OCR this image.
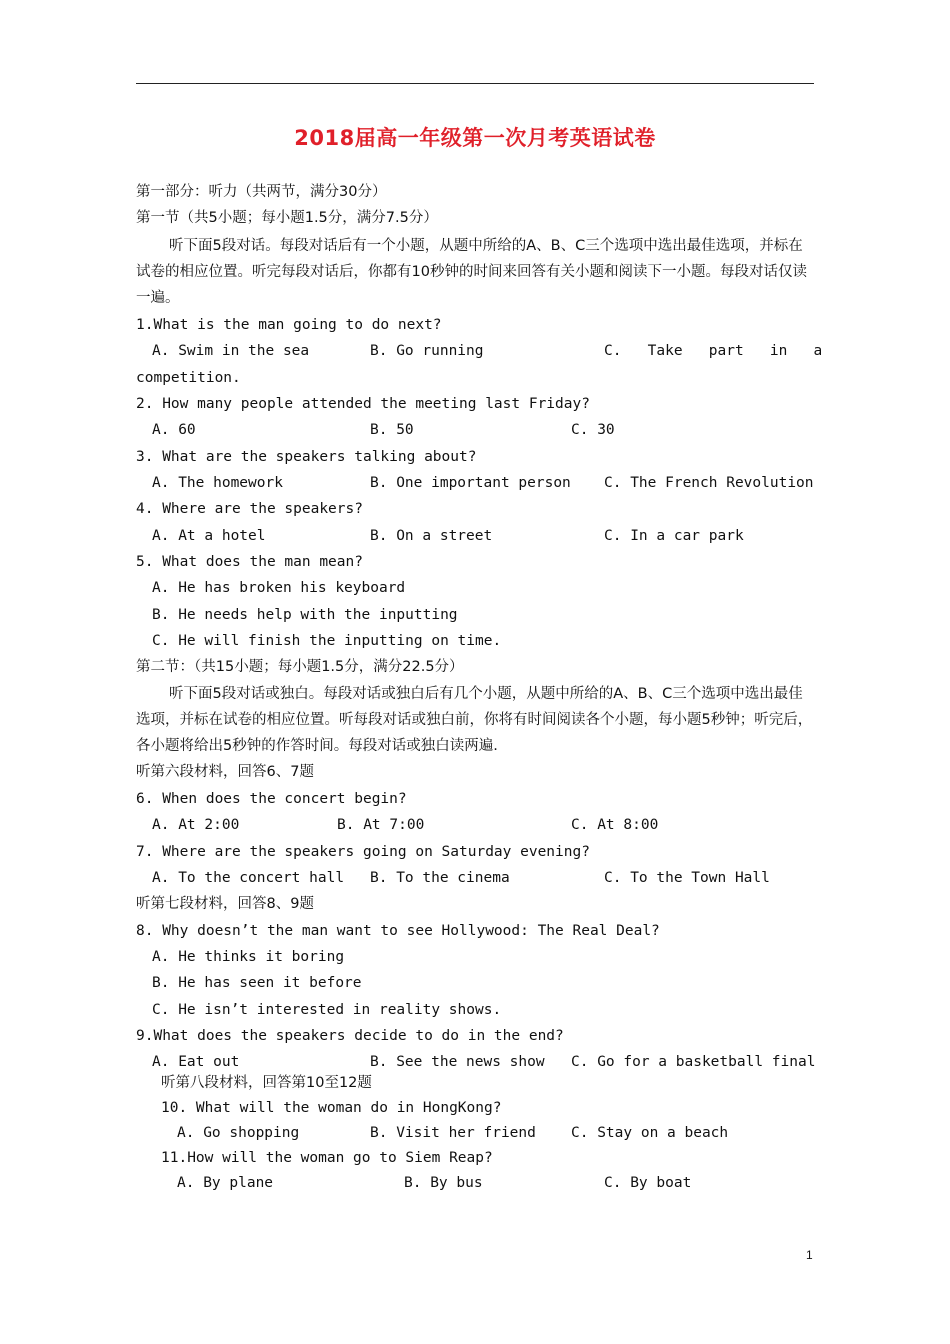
2018届高一年级第一次月考英语试卷
第一部分：听力（共两节，满分30分）
第一节（共5小题；每小题1.5分，满分7.5分）
听下面5段对话。每段对话后有一个小题，从题中所给的A、B、C三个选项中选出最佳选项，并标在试卷的相应位置。听完每段对话后，你都有10秒钟的时间来回答有关小题和阅读下一小题。每段对话仅读一遍。
1.What is the man going to do next?
A. Swim in the sea	B. Go running	C.   Take   part   in   a
competition.
2. How many people attended the meeting last Friday?
A. 60	B. 50	C. 30
3. What are the speakers talking about?
A. The homework	B. One important person C. The French Revolution
4. Where are the speakers?
A. At a hotel	B. On a street	C. In a car park
5. What does the man mean?
A. He has broken his keyboard
B. He needs help with the inputting
C. He will finish the inputting on time.
第二节：（共15小题；每小题1.5分，满分22.5分）
听下面5段对话或独白。每段对话或独白后有几个小题，从题中所给的A、B、C三个选项中选出最佳选项，并标在试卷的相应位置。听每段对话或独白前，你将有时间阅读各个小题，每小题5秒钟；听完后，各小题将给出5秒钟的作答时间。每段对话或独白读两遍.
听第六段材料，回答6、7题
6. When does the concert begin?
A. At 2:00	B. At 7:00	C. At 8:00
7. Where are the speakers going on Saturday evening?
A. To the concert hall B. To the cinema	C. To the Town Hall
听第七段材料，回答8、9题
8. Why doesn’t the man want to see Hollywood: The Real Deal?
A. He thinks it boring
B. He has seen it before
C. He isn’t interested in reality shows.
9.What does the speakers decide to do in the end?
A. Eat out	B. See the news show C. Go for a basketball final
听第八段材料，回答第10至12题
10. What will the woman do in HongKong?
A. Go shopping	B. Visit her friend C. Stay on a beach
11.How will the woman go to Siem Reap?
A. By plane	B. By bus	C. By boat
1
